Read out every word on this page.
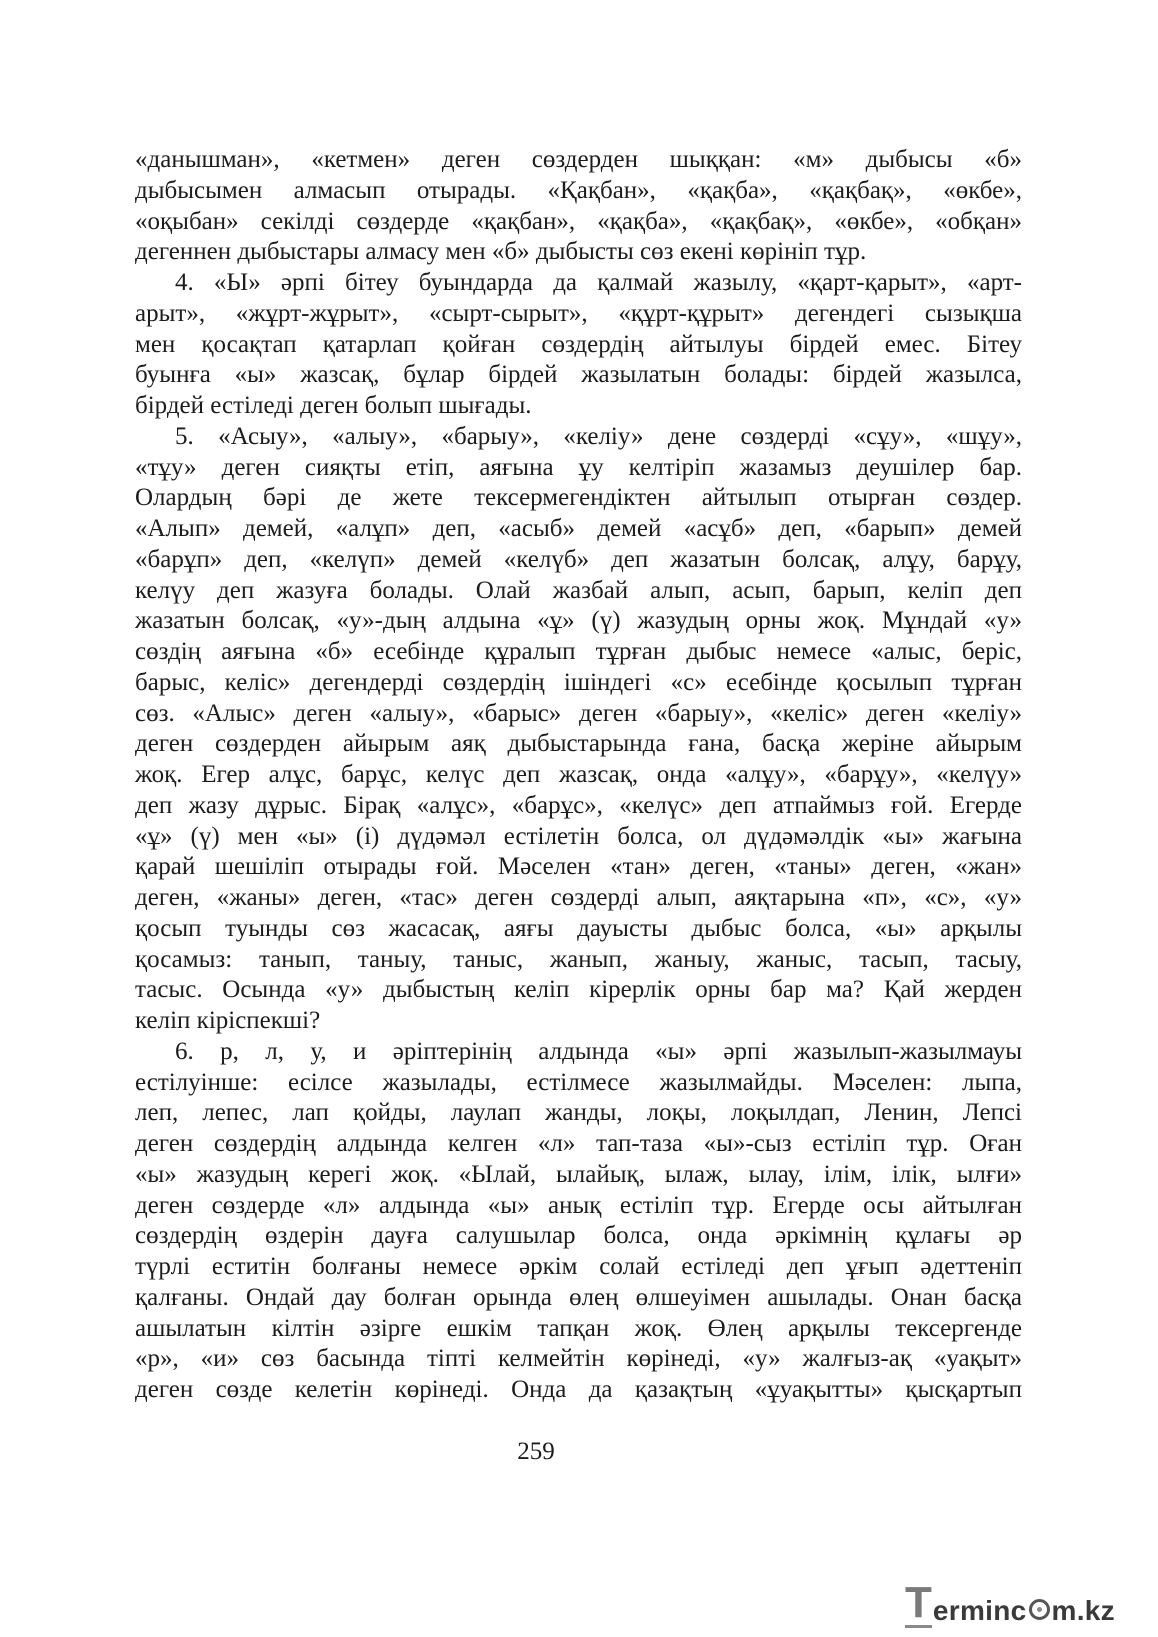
«данышман», «кетмен» деген сөздерден шыққан: «м» дыбысы «б»
дыбысымен алмасып отырады. «Қақбан», «қақба», «қақбақ», «өкбе»,
«оқыбан» секілді сөздерде «қақбан», «қақба», «қақбақ», «өкбе», «обқан»
дегеннен дыбыстары алмасу мен «б» дыбысты сөз екені көрініп тұр.
4. «Ы» әрпі бітеу буындарда да қалмай жазылу, «қарт-қарыт», «арт-
арыт», «жұрт-жұрыт», «сырт-сырыт», «құрт-құрыт» дегендегі сызықша
мен қосақтап қатарлап қойған сөздердің айтылуы бірдей емес. Бітеу
буынға «ы» жазсақ, бұлар бірдей жазылатын болады: бірдей жазылса,
бірдей естіледі деген болып шығады.
5. «Асыу», «алыу», «барыу», «келіу» дене сөздерді «сұу», «шұу»,
«тұу» деген сияқты етіп, аяғына ұу келтіріп жазамыз деушілер бар.
Олардың бәрі де жете тексермегендіктен айтылып отырған сөздер.
«Алып» демей, «алұп» деп, «асыб» демей «асұб» деп, «барып» демей
«барұп» деп, «келүп» демей «келүб» деп жазатын болсақ, алұу, барұу,
келүу деп жазуға болады. Олай жазбай алып, асып, барып, келіп деп
жазатын болсақ, «у»-дың алдына «ұ» (ү) жазудың орны жоқ. Мұндай «у»
сөздің аяғына «б» есебінде құралып тұрған дыбыс немесе «алыс, беріс,
барыс, келіс» дегендерді сөздердің ішіндегі «с» есебінде қосылып тұрған
сөз. «Алыс» деген «алыу», «барыс» деген «барыу», «келіс» деген «келіу»
деген сөздерден айырым аяқ дыбыстарында ғана, басқа жеріне айырым
жоқ. Егер алұс, барұс, келүс деп жазсақ, онда «алұу», «барұу», «келүу»
деп жазу дұрыс. Бірақ «алұс», «барұс», «келүс» деп атпаймыз ғой. Егерде
«ұ» (ү) мен «ы» (і) дүдәмәл естілетін болса, ол дүдәмәлдік «ы» жағына
қарай шешіліп отырады ғой. Мәселен «тан» деген, «таны» деген, «жан»
деген, «жаны» деген, «тас» деген сөздерді алып, аяқтарына «п», «с», «у»
қосып туынды сөз жасасақ, аяғы дауысты дыбыс болса, «ы» арқылы
қосамыз: танып, таныу, таныс, жанып, жаныу, жаныс, тасып, тасыу,
тасыс. Осында «у» дыбыстың келіп кірерлік орны бар ма? Қай жерден
келіп кіріспекші?
6. р, л, у, и әріптерінің алдында «ы» әрпі жазылып-жазылмауы
естілуінше: есілсе жазылады, естілмесе жазылмайды. Мәселен: лыпа,
леп, лепес, лап қойды, лаулап жанды, лоқы, лоқылдап, Ленин, Лепсі
деген сөздердің алдында келген «л» тап-таза «ы»-сыз естіліп тұр. Оған
«ы» жазудың керегі жоқ. «Ылай, ылайық, ылаж, ылау, ілім, ілік, ылғи»
деген сөздерде «л» алдында «ы» анық естіліп тұр. Егерде осы айтылған
сөздердің өздерін дауға салушылар болса, онда әркімнің құлағы әр
түрлі еститін болғаны немесе әркім солай естіледі деп ұғып әдеттеніп
қалғаны. Ондай дау болған орында өлең өлшеуімен ашылады. Онан басқа
ашылатын кілтін әзірге ешкім тапқан жоқ. Өлең арқылы тексергенде
«р», «и» сөз басында тіпті келмейтін көрінеді, «у» жалғыз-ақ «уақыт»
деген сөзде келетін көрінеді. Онда да қазақтың «ұуақытты» қысқартып
259
T erminc m.kz
